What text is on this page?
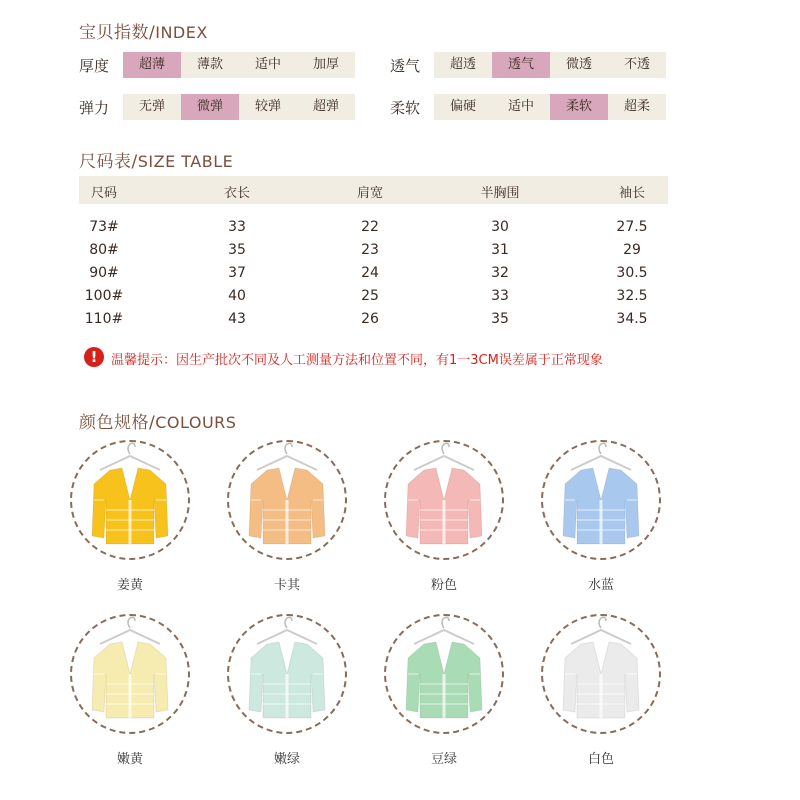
宝贝指数/INDEX
厚度	超薄	薄款	适中	加厚	透气	超透	透气	微透	不透
弹力	无弹	微弹	较弹	超弹	柔软	偏硬	适中	柔软	超柔
尺码表/SIZE TABLE
尺码	衣长	肩宽	半胸围	袖长
73#	33	22	30	27.5
80#	35	23	31	29
90#	37	24	32	30.5
100#	40	25	33	32.5
110#	43	26	35	34.5
!	温馨提示：因生产批次不同及人工测量方法和位置不同，有1一3CM误差属于正常现象
颜色规格/COLOURS
姜黄	卡其	粉色	水蓝
嫩黄	嫩绿	豆绿	白色
